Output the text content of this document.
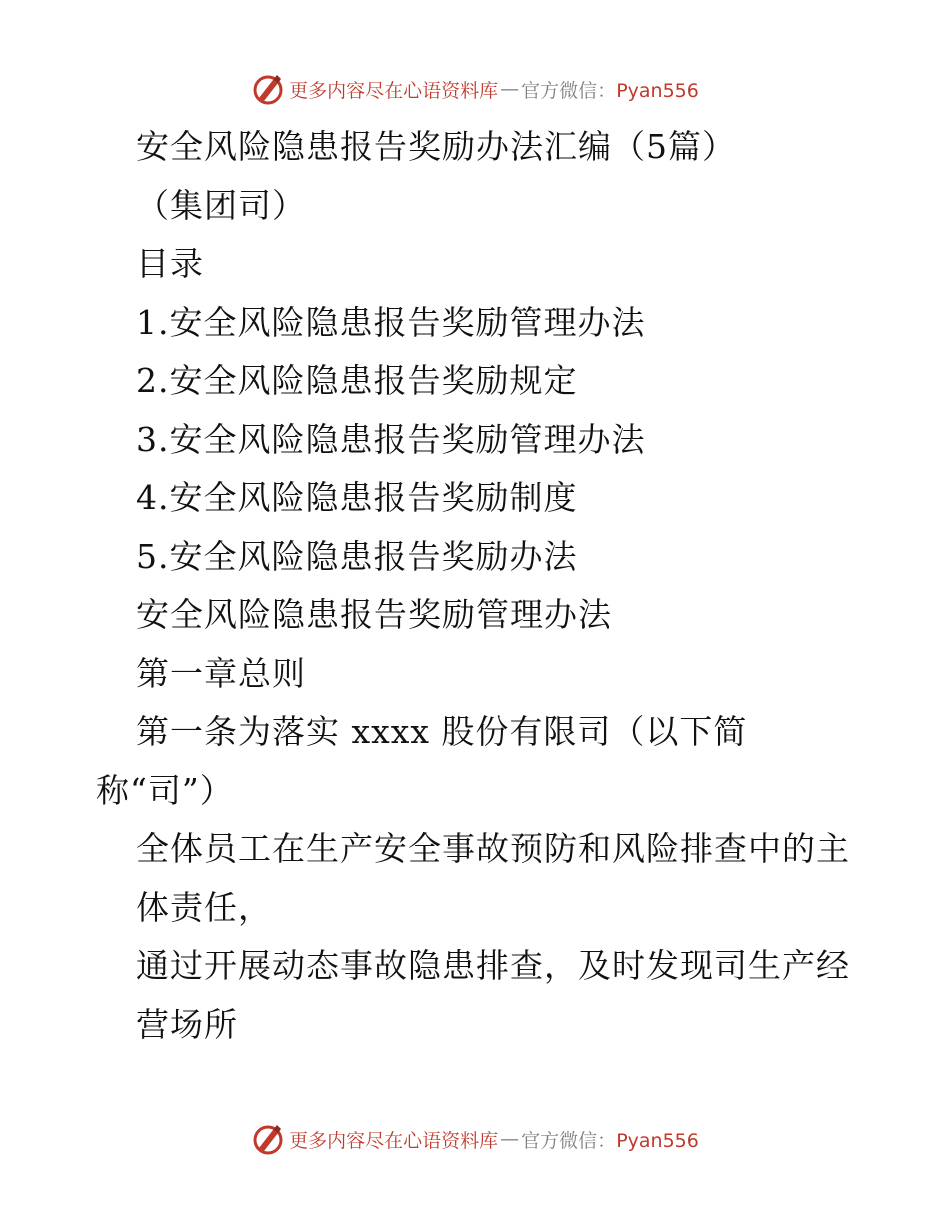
更多内容尽在心语资料库 — 官方微信：Pyan556
安全风险隐患报告奖励办法汇编（5篇）
（集团司）
目录
1.安全风险隐患报告奖励管理办法
2.安全风险隐患报告奖励规定
3.安全风险隐患报告奖励管理办法
4.安全风险隐患报告奖励制度
5.安全风险隐患报告奖励办法
安全风险隐患报告奖励管理办法
第一章总则
第一条为落实 xxxx 股份有限司（以下简
称“司”）
全体员工在生产安全事故预防和风险排查中的主体责任，
通过开展动态事故隐患排查，及时发现司生产经营场所
更多内容尽在心语资料库 — 官方微信：Pyan556
